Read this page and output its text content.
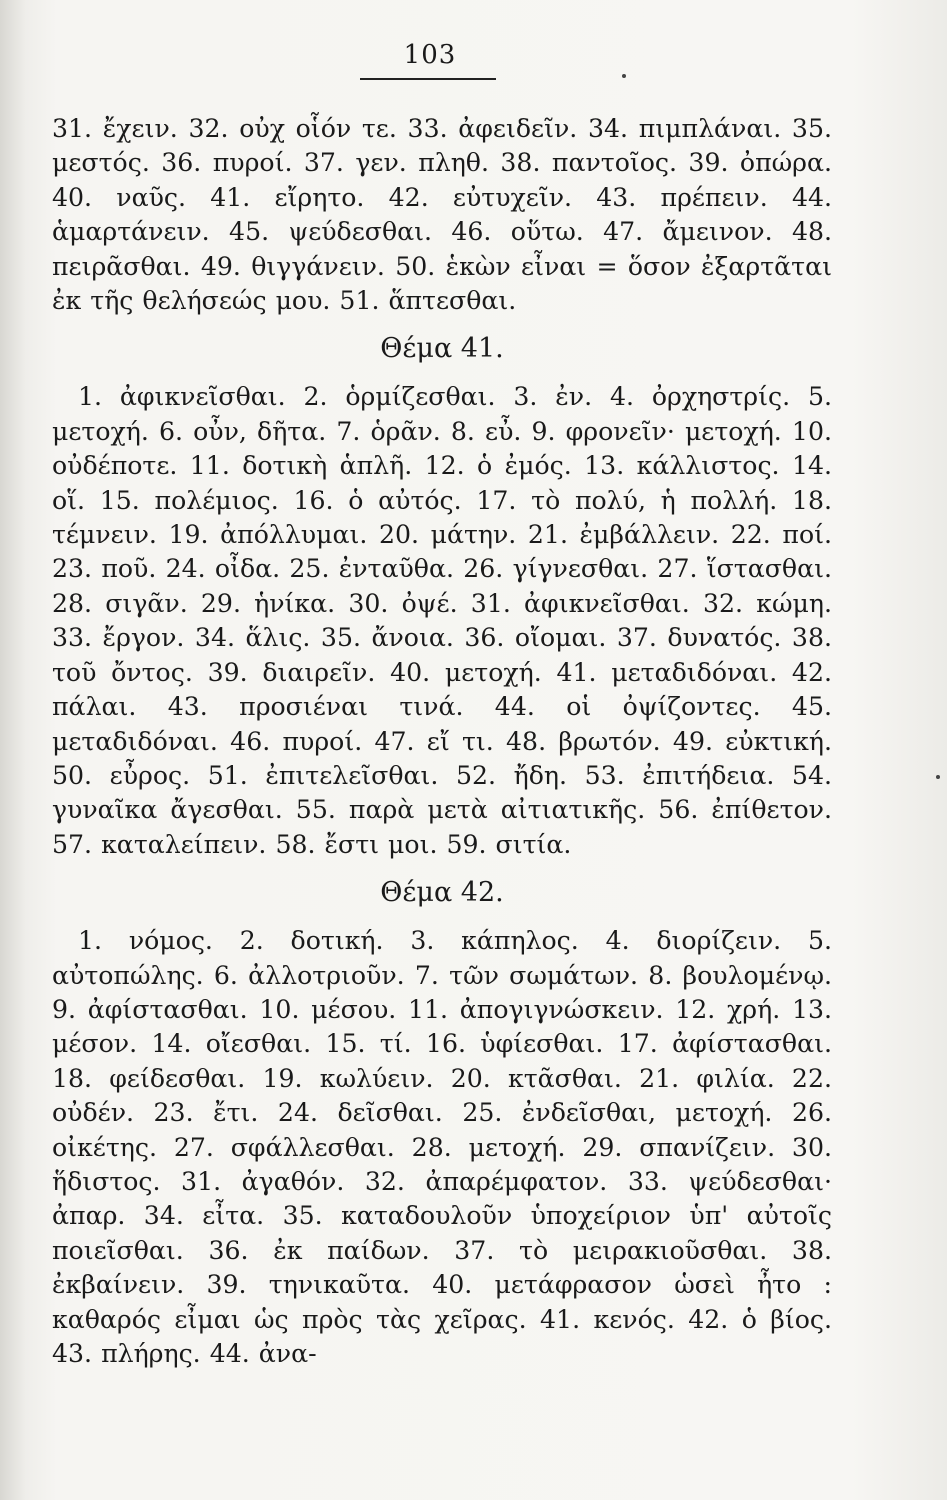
103

31. ἔχειν. 32. οὐχ οἷόν τε. 33. ἀφειδεῖν. 34. πιμπλάναι. 35. μεστός. 36. πυροί. 37. γεν. πληθ. 38. παντοῖος. 39. ὀπώρα. 40. ναῦς. 41. εἴρητο. 42. εὐτυχεῖν. 43. πρέπειν. 44. ἁμαρτάνειν. 45. ψεύδεσθαι. 46. οὕτω. 47. ἄμεινον. 48. πειρᾶσθαι. 49. θιγγάνειν. 50. ἑκὼν εἶναι = ὅσον ἐξαρτᾶται ἐκ τῆς θελήσεώς μου. 51. ἅπτεσθαι.

Θέμα 41.

1. ἀφικνεῖσθαι. 2. ὁρμίζεσθαι. 3. ἐν. 4. ὀρχηστρίς. 5. μετοχή. 6. οὖν, δῆτα. 7. ὁρᾶν. 8. εὖ. 9. φρονεῖν· μετοχή. 10. οὐδέποτε. 11. δοτικὴ ἁπλῆ. 12. ὁ ἐμός. 13. κάλλιστος. 14. οἵ. 15. πολέμιος. 16. ὁ αὐτός. 17. τὸ πολύ, ἡ πολλή. 18. τέμνειν. 19. ἀπόλλυμαι. 20. μάτην. 21. ἐμβάλλειν. 22. ποί. 23. ποῦ. 24. οἶδα. 25. ἐνταῦθα. 26. γίγνεσθαι. 27. ἵστασθαι. 28. σιγᾶν. 29. ἡνίκα. 30. ὀψέ. 31. ἀφικνεῖσθαι. 32. κώμη. 33. ἔργον. 34. ἅλις. 35. ἄνοια. 36. οἴομαι. 37. δυνατός. 38. τοῦ ὄντος. 39. διαιρεῖν. 40. μετοχή. 41. μεταδιδόναι. 42. πάλαι. 43. προσιέναι τινά. 44. οἱ ὀψίζοντες. 45. μεταδιδόναι. 46. πυροί. 47. εἴ τι. 48. βρωτόν. 49. εὐκτική. 50. εὖρος. 51. ἐπιτελεῖσθαι. 52. ἤδη. 53. ἐπιτήδεια. 54. γυναῖκα ἄγεσθαι. 55. παρὰ μετὰ αἰτιατικῆς. 56. ἐπίθετον. 57. καταλείπειν. 58. ἔστι μοι. 59. σιτία.

Θέμα 42.

1. νόμος. 2. δοτική. 3. κάπηλος. 4. διορίζειν. 5. αὐτοπώλης. 6. ἀλλοτριοῦν. 7. τῶν σωμάτων. 8. βουλομένῳ. 9. ἀφίστασθαι. 10. μέσου. 11. ἀπογιγνώσκειν. 12. χρή. 13. μέσον. 14. οἴεσθαι. 15. τί. 16. ὑφίεσθαι. 17. ἀφίστασθαι. 18. φείδεσθαι. 19. κωλύειν. 20. κτᾶσθαι. 21. φιλία. 22. οὐδέν. 23. ἔτι. 24. δεῖσθαι. 25. ἐνδεῖσθαι, μετοχή. 26. οἰκέτης. 27. σφάλλεσθαι. 28. μετοχή. 29. σπανίζειν. 30. ἥδιστος. 31. ἀγαθόν. 32. ἀπαρέμφατον. 33. ψεύδεσθαι· ἀπαρ. 34. εἶτα. 35. καταδουλοῦν ὑποχείριον ὑπ' αὐτοῖς ποιεῖσθαι. 36. ἐκ παίδων. 37. τὸ μειρακιοῦσθαι. 38. ἐκβαίνειν. 39. τηνικαῦτα. 40. μετάφρασον ὡσεὶ ἦτο : καθαρός εἶμαι ὡς πρὸς τὰς χεῖρας. 41. κενός. 42. ὁ βίος. 43. πλήρης. 44. ἀνα-
